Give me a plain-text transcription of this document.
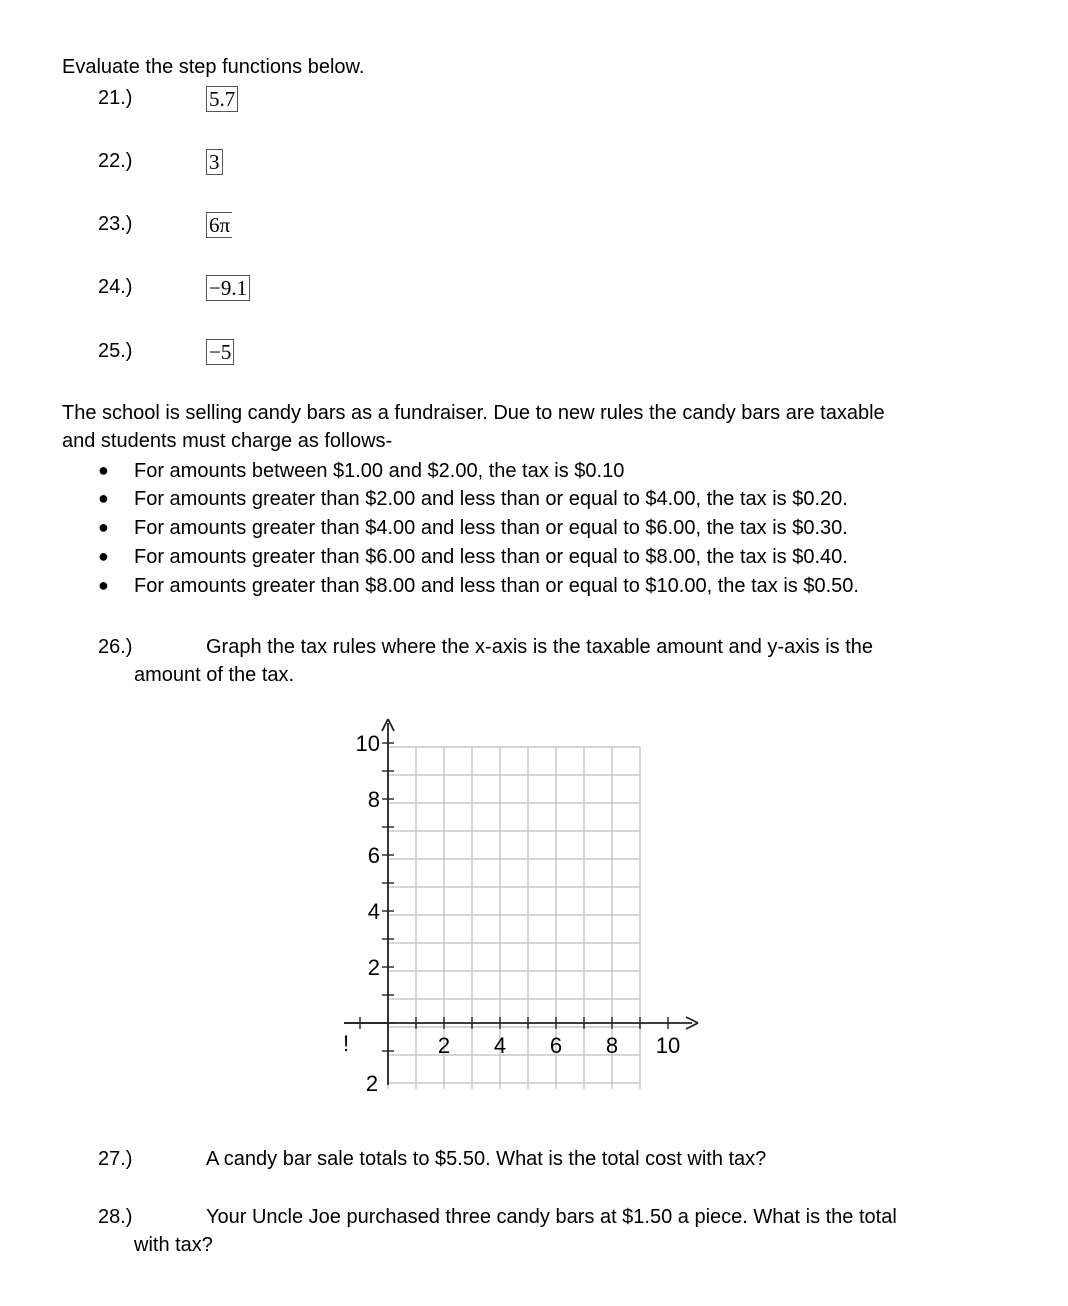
Evaluate the step functions below.
21.)	5.7
22.)	3
23.)	6π
24.)	−9.1
25.)	−5
The school is selling candy bars as a fundraiser. Due to new rules the candy bars are taxable
and students must charge as follows-
● For amounts between $1.00 and $2.00, the tax is $0.10
● For amounts greater than $2.00 and less than or equal to $4.00, the tax is $0.20.
● For amounts greater than $4.00 and less than or equal to $6.00, the tax is $0.30.
● For amounts greater than $6.00 and less than or equal to $8.00, the tax is $0.40.
● For amounts greater than $8.00 and less than or equal to $10.00, the tax is $0.50.
26.)	Graph the tax rules where the x-axis is the taxable amount and y-axis is the
amount of the tax.
10
8
6
4
2
2 4 6 8 10
!
2
27.)	A candy bar sale totals to $5.50. What is the total cost with tax?
28.)	Your Uncle Joe purchased three candy bars at $1.50 a piece. What is the total
with tax?
